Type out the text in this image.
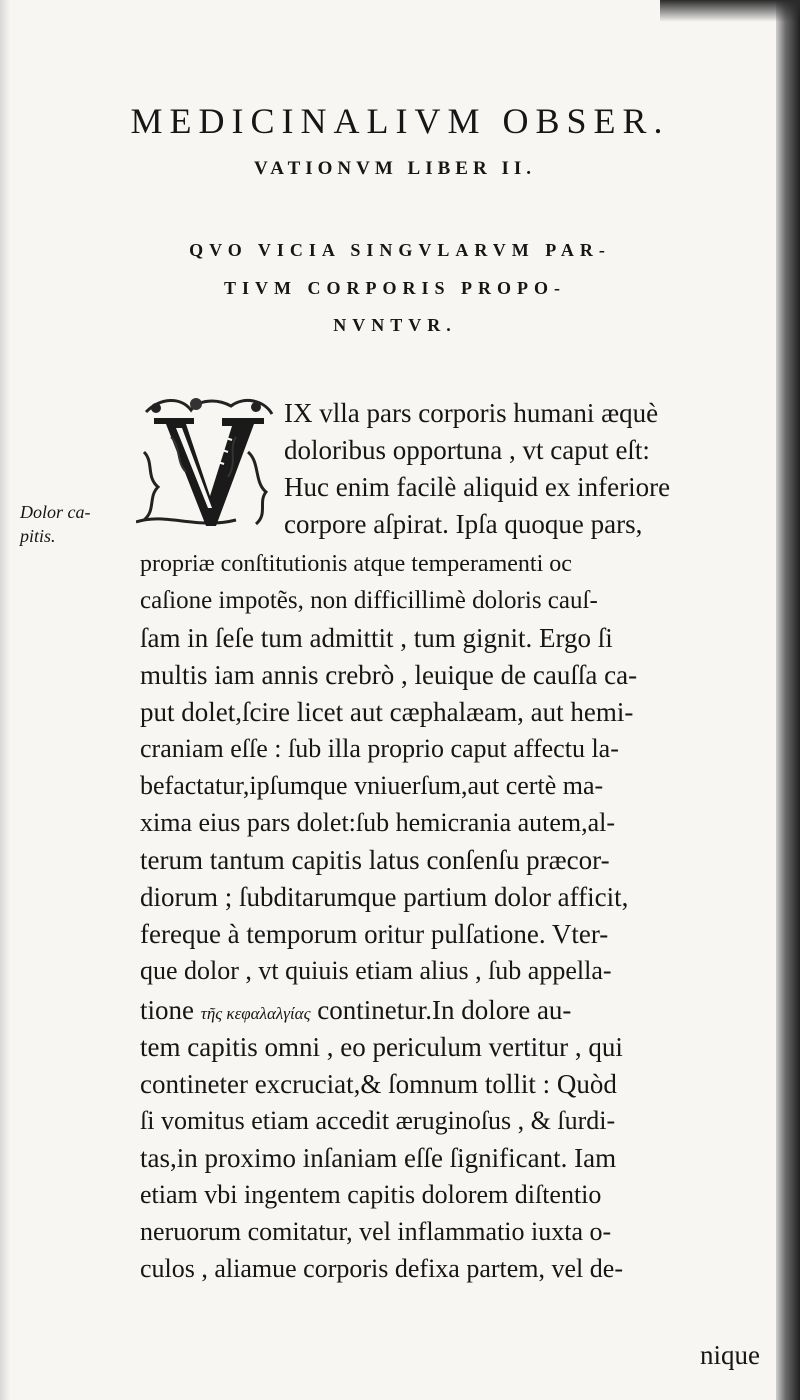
MEDICINALIVM OBSER.
VATIONVM LIBER II.
QVO VICIA SINGVLARVM PAR-
TIVM CORPORIS PROPO-
NVNTVR.
Dolor ca-
pitis.
IX vlla pars corporis humani æquè
doloribus opportuna , vt caput eſt:
Huc enim facilè aliquid ex inferiore
corpore aſpirat. Ipſa quoque pars,
propriæ conſtitutionis atque temperamenti oc
caſione impotẽs, non difficillimè doloris cauſ-
ſam in ſeſe tum admittit , tum gignit. Ergo ſi
multis iam annis crebrò , leuique de cauſſa ca-
put dolet,ſcire licet aut cæphalæam, aut hemi-
craniam eſſe : ſub illa proprio caput affectu la-
befactatur,ipſumque vniuerſum,aut certè ma-
xima eius pars dolet:ſub hemicrania autem,al-
terum tantum capitis latus conſenſu præcor-
diorum ; ſubditarumque partium dolor afficit,
fereque à temporum oritur pulſatione. Vter-
que dolor , vt quiuis etiam alius , ſub appella-
tione τῆς κεφαλαλγίας continetur.In dolore au-
tem capitis omni , eo periculum vertitur , qui
contineter excruciat,& ſomnum tollit : Quòd
ſi vomitus etiam accedit æruginoſus , & ſurdi-
tas,in proximo inſaniam eſſe ſignificant. Iam
etiam vbi ingentem capitis dolorem diſtentio
neruorum comitatur, vel inflammatio iuxta o-
culos , aliamue corporis defixa partem, vel de-
nique
